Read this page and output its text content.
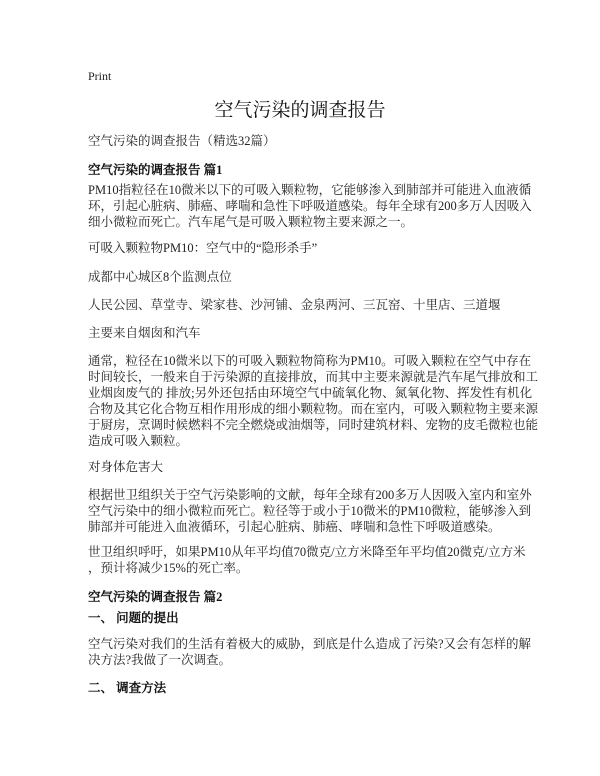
Print
空气污染的调查报告
空气污染的调查报告（精选32篇）
空气污染的调查报告 篇1
PM10指粒径在10微米以下的可吸入颗粒物，它能够渗入到肺部并可能进入血液循
环，引起心脏病、肺癌、哮喘和急性下呼吸道感染。每年全球有200多万人因吸入
细小微粒而死亡。汽车尾气是可吸入颗粒物主要来源之一。
可吸入颗粒物PM10：空气中的“隐形杀手”
成都中心城区8个监测点位
人民公园、草堂寺、梁家巷、沙河铺、金泉两河、三瓦窑、十里店、三道堰
主要来自烟囱和汽车
通常，粒径在10微米以下的可吸入颗粒物简称为PM10。可吸入颗粒在空气中存在
时间较长，一般来自于污染源的直接排放，而其中主要来源就是汽车尾气排放和工
业烟囱废气的 排放;另外还包括由环境空气中硫氧化物、氮氧化物、挥发性有机化
合物及其它化合物互相作用形成的细小颗粒物。而在室内，可吸入颗粒物主要来源
于厨房，烹调时候燃料不完全燃烧或油烟等，同时建筑材料、宠物的皮毛微粒也能
造成可吸入颗粒。
对身体危害大
根据世卫组织关于空气污染影响的文献，每年全球有200多万人因吸入室内和室外
空气污染中的细小微粒而死亡。粒径等于或小于10微米的PM10微粒，能够渗入到
肺部并可能进入血液循环，引起心脏病、肺癌、哮喘和急性下呼吸道感染。
世卫组织呼吁，如果PM10从年平均值70微克/立方米降至年平均值20微克/立方米
，预计将减少15%的死亡率。
空气污染的调查报告 篇2
一、 问题的提出
空气污染对我们的生活有着极大的威胁，到底是什么造成了污染?又会有怎样的解
决方法?我做了一次调查。
二、 调查方法
